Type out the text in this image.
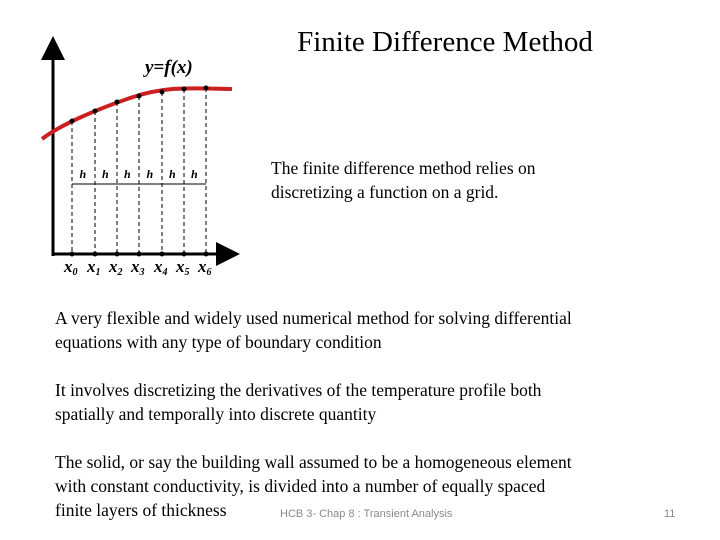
y=f(x)
x0
h
x1
h
x2
h
x3
h
x4
h
x5
h
x6
Finite Difference Method
The finite difference method relies on
discretizing a function on a grid.
A very flexible and widely used numerical method for solving differential
equations with any type of boundary condition
It involves discretizing the derivatives of the temperature profile both
spatially and temporally into discrete quantity
The solid, or say the building wall assumed to be a homogeneous element
with constant conductivity, is divided into a number of equally spaced
finite layers of thickness	HCB 3- Chap 8 : Transient Analysis	11
